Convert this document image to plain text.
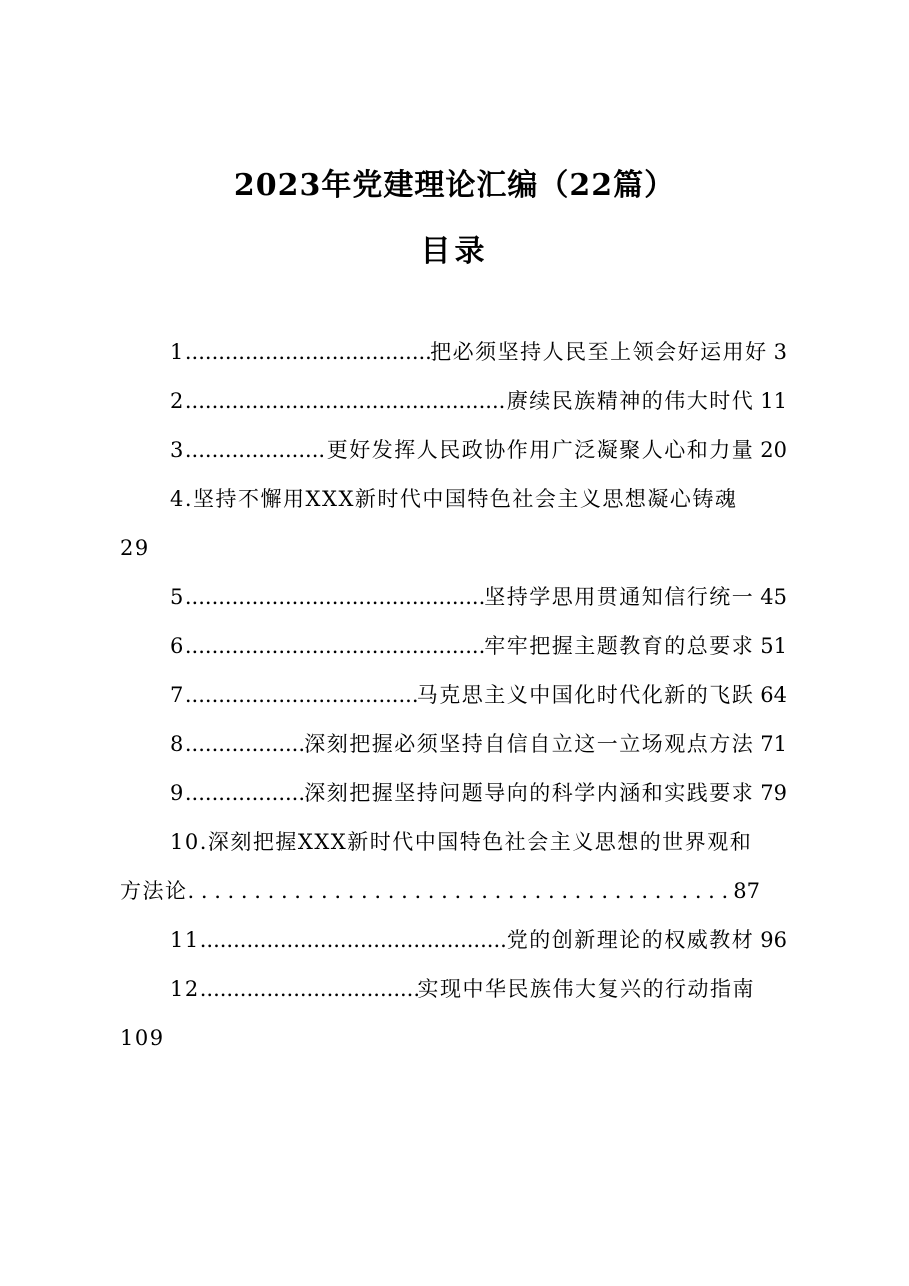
2023年党建理论汇编（22篇）
目录
1 .....	把必须坚持人民至上领会好运用好 3
2 .....	赓续民族精神的伟大时代 11
3 .....	更好发挥人民政协作用广泛凝聚人心和力量 20
4.坚持不懈用XXX新时代中国特色社会主义思想凝心铸魂
29
5 .....	坚持学思用贯通知信行统一 45
6 .....	牢牢把握主题教育的总要求 51
7 .....	马克思主义中国化时代化新的飞跃 64
8 .....	深刻把握必须坚持自信自立这一立场观点方法 71
9 .....	深刻把握坚持问题导向的科学内涵和实践要求 79
10.深刻把握XXX新时代中国特色社会主义思想的世界观和
方法论 . . .	87
11 .....	党的创新理论的权威教材 96
12 .....	实现中华民族伟大复兴的行动指南
109
